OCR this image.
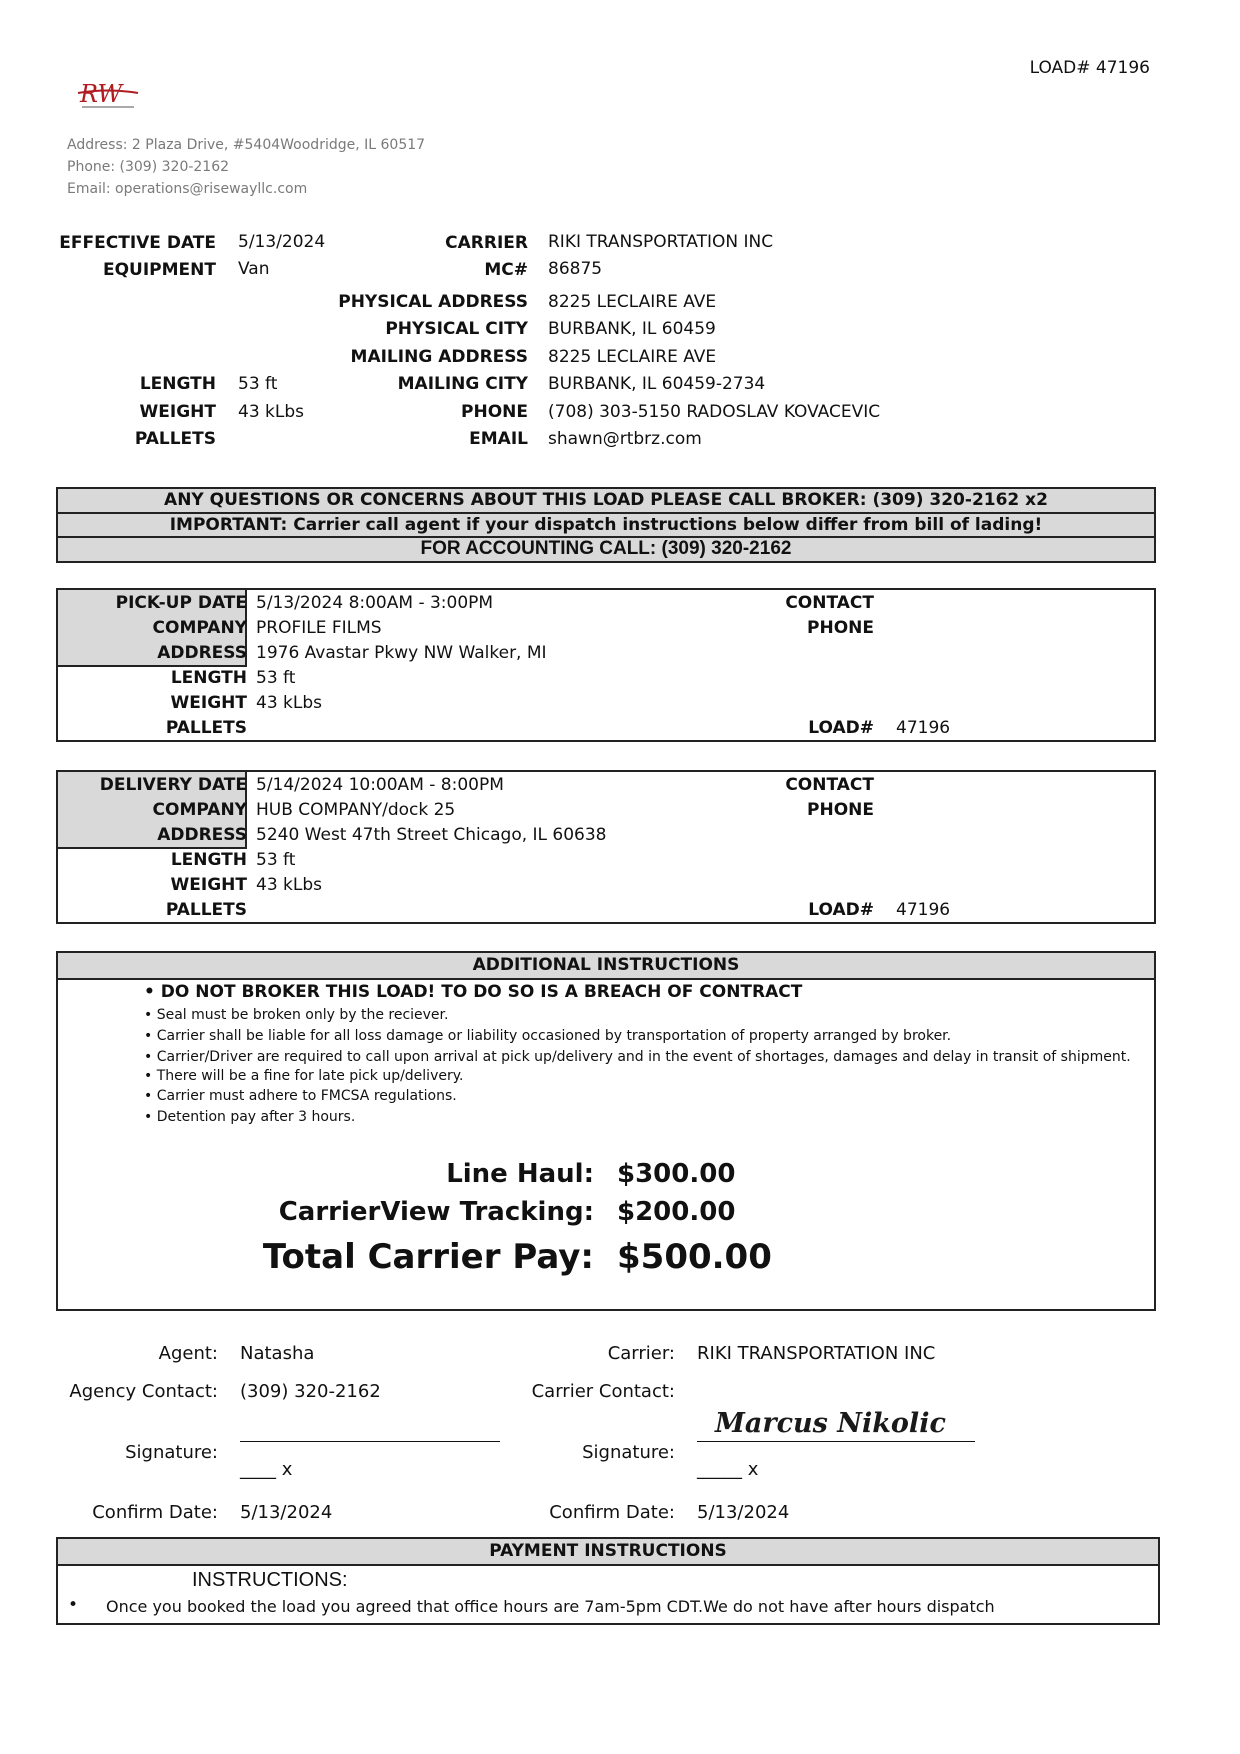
LOAD# 47196
RW
Address: 2 Plaza Drive, #5404Woodridge, IL 60517
Phone: (309) 320-2162
Email: operations@risewayllc.com
EFFECTIVE DATE 5/13/2024
EQUIPMENT Van
LENGTH 53 ft
WEIGHT 43 kLbs
PALLETS
CARRIER RIKI TRANSPORTATION INC
MC# 86875
PHYSICAL ADDRESS 8225 LECLAIRE AVE
PHYSICAL CITY BURBANK, IL 60459
MAILING ADDRESS 8225 LECLAIRE AVE
MAILING CITY BURBANK, IL 60459-2734
PHONE (708) 303-5150 RADOSLAV KOVACEVIC
EMAIL shawn@rtbrz.com
ANY QUESTIONS OR CONCERNS ABOUT THIS LOAD PLEASE CALL BROKER: (309) 320-2162 x2
IMPORTANT: Carrier call agent if your dispatch instructions below differ from bill of lading!
FOR ACCOUNTING CALL: (309) 320-2162
PICK-UP DATE 5/13/2024 8:00AM - 3:00PM
COMPANY PROFILE FILMS
ADDRESS 1976 Avastar Pkwy NW Walker, MI
LENGTH 53 ft
WEIGHT 43 kLbs
PALLETS
CONTACT
PHONE
LOAD# 47196
DELIVERY DATE 5/14/2024 10:00AM - 8:00PM
COMPANY HUB COMPANY/dock 25
ADDRESS 5240 West 47th Street Chicago, IL 60638
LENGTH 53 ft
WEIGHT 43 kLbs
PALLETS
CONTACT
PHONE
LOAD# 47196
ADDITIONAL INSTRUCTIONS
• DO NOT BROKER THIS LOAD! TO DO SO IS A BREACH OF CONTRACT
• Seal must be broken only by the reciever.
• Carrier shall be liable for all loss damage or liability occasioned by transportation of property arranged by broker.
• Carrier/Driver are required to call upon arrival at pick up/delivery and in the event of shortages, damages and delay in transit of shipment.
• There will be a fine for late pick up/delivery.
• Carrier must adhere to FMCSA regulations.
• Detention pay after 3 hours.
Line Haul: $300.00
CarrierView Tracking: $200.00
Total Carrier Pay: $500.00
Agent: Natasha
Agency Contact: (309) 320-2162
Signature:
____ x
Confirm Date: 5/13/2024
Carrier: RIKI TRANSPORTATION INC
Carrier Contact:
Signature:
Marcus Nikolic
_____ x
Confirm Date: 5/13/2024
PAYMENT INSTRUCTIONS
INSTRUCTIONS:
• Once you booked the load you agreed that office hours are 7am-5pm CDT.We do not have after hours dispatch
